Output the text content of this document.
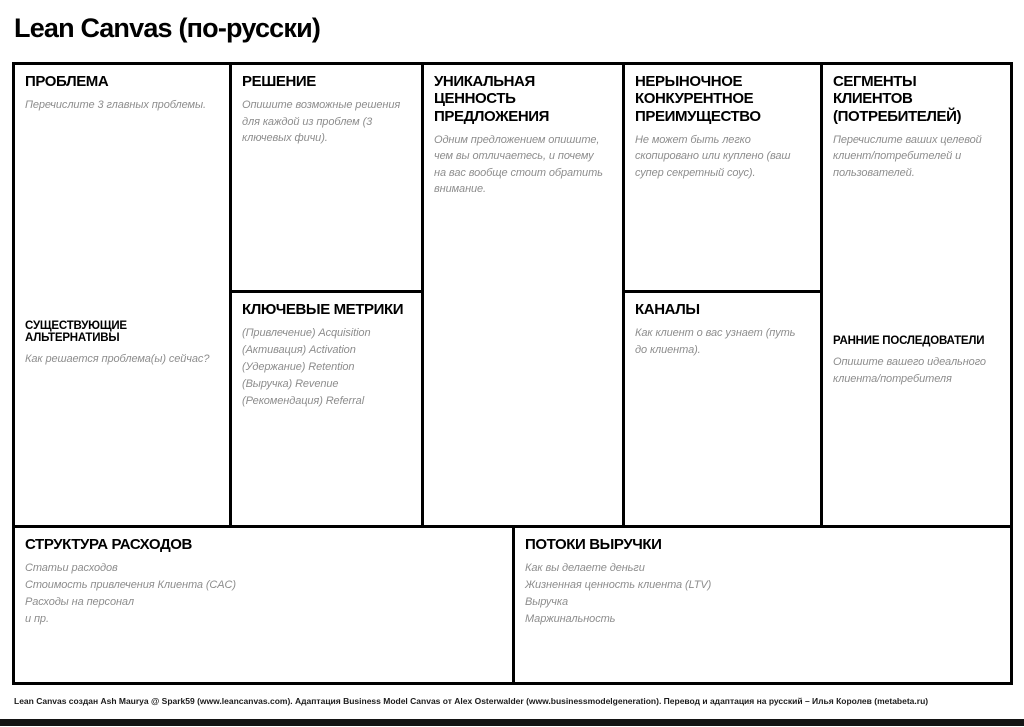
Lean Canvas (по-русски)
ПРОБЛЕМА
Перечислите 3 главных проблемы.
СУЩЕСТВУЮЩИЕ АЛЬТЕРНАТИВЫ
Как решается проблема(ы) сейчас?
РЕШЕНИЕ
Опишите возможные решения для каждой из проблем (3 ключевых фичи).
КЛЮЧЕВЫЕ МЕТРИКИ
(Привлечение) Acquisition
(Активация) Activation
(Удержание) Retention
(Выручка) Revenue
(Рекомендация) Referral
УНИКАЛЬНАЯ ЦЕННОСТЬ ПРЕДЛОЖЕНИЯ
Одним предложением опишите, чем вы отличаетесь, и почему на вас вообще стоит обратить внимание.
НЕРЫНОЧНОЕ КОНКУРЕНТНОЕ ПРЕИМУЩЕСТВО
Не может быть легко скопировано или куплено (ваш супер секретный соус).
КАНАЛЫ
Как клиент о вас узнает (путь до клиента).
СЕГМЕНТЫ КЛИЕНТОВ (ПОТРЕБИТЕЛЕЙ)
Перечислите ваших целевой клиент/потребителей и пользователей.
РАННИЕ ПОСЛЕДОВАТЕЛИ
Опишите вашего идеального клиента/потребителя
СТРУКТУРА РАСХОДОВ
Статьи расходов
Стоимость привлечения Клиента (CAC)
Расходы на персонал
и пр.
ПОТОКИ ВЫРУЧКИ
Как вы делаете деньги
Жизненная ценность клиента (LTV)
Выручка
Маржинальность
Lean Canvas создан Ash Maurya @ Spark59 (www.leancanvas.com). Адаптация Business Model Canvas от Alex Osterwalder (www.businessmodelgeneration). Перевод и адаптация на русский – Илья Королев (metabeta.ru)
